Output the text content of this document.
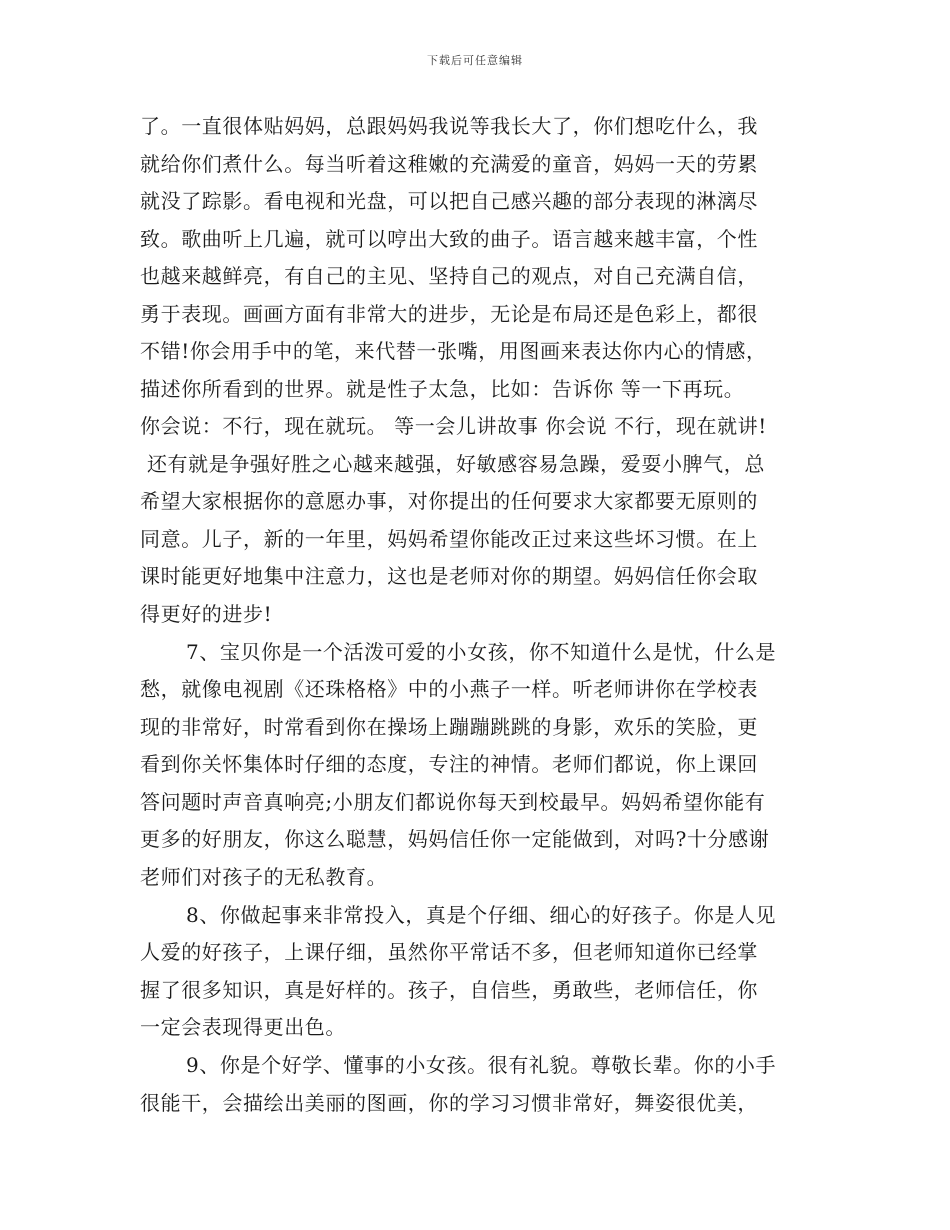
下载后可任意编辑
了。一直很体贴妈妈，总跟妈妈我说等我长大了，你们想吃什么，我
就给你们煮什么。每当听着这稚嫩的充满爱的童音，妈妈一天的劳累
就没了踪影。看电视和光盘，可以把自己感兴趣的部分表现的淋漓尽
致。歌曲听上几遍，就可以哼出大致的曲子。语言越来越丰富，个性
也越来越鲜亮，有自己的主见、坚持自己的观点，对自己充满自信，
勇于表现。画画方面有非常大的进步，无论是布局还是色彩上，都很
不错!你会用手中的笔，来代替一张嘴，用图画来表达你内心的情感，
描述你所看到的世界。就是性子太急，比如：告诉你 等一下再玩。
你会说：不行，现在就玩。 等一会儿讲故事 你会说 不行，现在就讲!
还有就是争强好胜之心越来越强，好敏感容易急躁，爱耍小脾气，总
希望大家根据你的意愿办事，对你提出的任何要求大家都要无原则的
同意。儿子，新的一年里，妈妈希望你能改正过来这些坏习惯。在上
课时能更好地集中注意力，这也是老师对你的期望。妈妈信任你会取
得更好的进步!
7、宝贝你是一个活泼可爱的小女孩，你不知道什么是忧，什么是
愁，就像电视剧《还珠格格》中的小燕子一样。听老师讲你在学校表
现的非常好，时常看到你在操场上蹦蹦跳跳的身影，欢乐的笑脸，更
看到你关怀集体时仔细的态度，专注的神情。老师们都说，你上课回
答问题时声音真响亮;小朋友们都说你每天到校最早。妈妈希望你能有
更多的好朋友，你这么聪慧，妈妈信任你一定能做到，对吗?十分感谢
老师们对孩子的无私教育。
8、你做起事来非常投入，真是个仔细、细心的好孩子。你是人见
人爱的好孩子，上课仔细，虽然你平常话不多，但老师知道你已经掌
握了很多知识，真是好样的。孩子，自信些，勇敢些，老师信任，你
一定会表现得更出色。
9、你是个好学、懂事的小女孩。很有礼貌。尊敬长辈。你的小手
很能干，会描绘出美丽的图画，你的学习习惯非常好，舞姿很优美，
